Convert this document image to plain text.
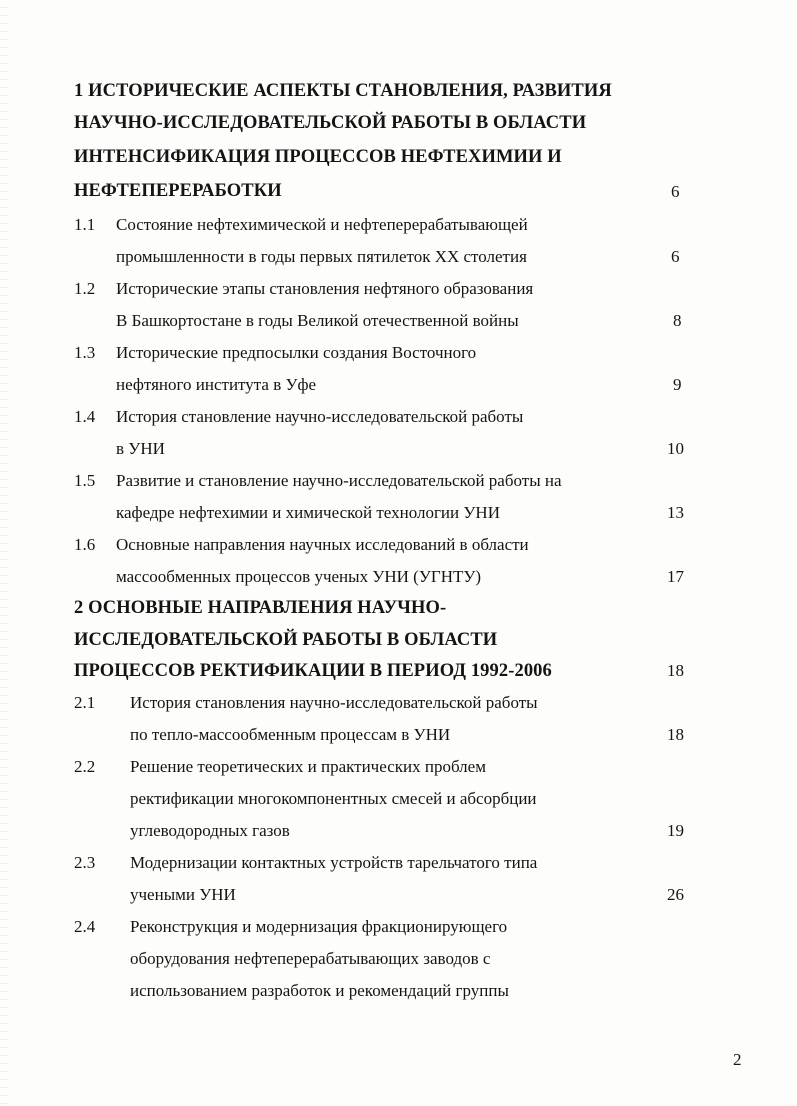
1 ИСТОРИЧЕСКИЕ АСПЕКТЫ СТАНОВЛЕНИЯ, РАЗВИТИЯ
НАУЧНО-ИССЛЕДОВАТЕЛЬСКОЙ РАБОТЫ В ОБЛАСТИ
ИНТЕНСИФИКАЦИЯ ПРОЦЕССОВ НЕФТЕХИМИИ И
НЕФТЕПЕРЕРАБОТКИ	6
1.1 Состояние нефтехимической и нефтеперерабатывающей
промышленности в годы первых пятилеток XX столетия	6
1.2 Исторические этапы становления нефтяного образования
В Башкортостане в годы Великой отечественной войны	8
1.3 Исторические предпосылки создания Восточного
нефтяного института в Уфе	9
1.4 История становление научно-исследовательской работы
в УНИ	10
1.5 Развитие и становление научно-исследовательской работы на
кафедре нефтехимии и химической технологии УНИ	13
1.6 Основные направления научных исследований в области
массообменных процессов ученых УНИ (УГНТУ)	17
2 ОСНОВНЫЕ НАПРАВЛЕНИЯ НАУЧНО-
ИССЛЕДОВАТЕЛЬСКОЙ РАБОТЫ В ОБЛАСТИ
ПРОЦЕССОВ РЕКТИФИКАЦИИ В ПЕРИОД 1992-2006	18
2.1 История становления научно-исследовательской работы
по тепло-массообменным процессам в УНИ	18
2.2 Решение теоретических и практических проблем
ректификации многокомпонентных смесей и абсорбции
углеводородных газов	19
2.3 Модернизации контактных устройств тарельчатого типа
учеными УНИ	26
2.4 Реконструкция и модернизация фракционирующего
оборудования нефтеперерабатывающих заводов с
использованием разработок и рекомендаций группы
2
